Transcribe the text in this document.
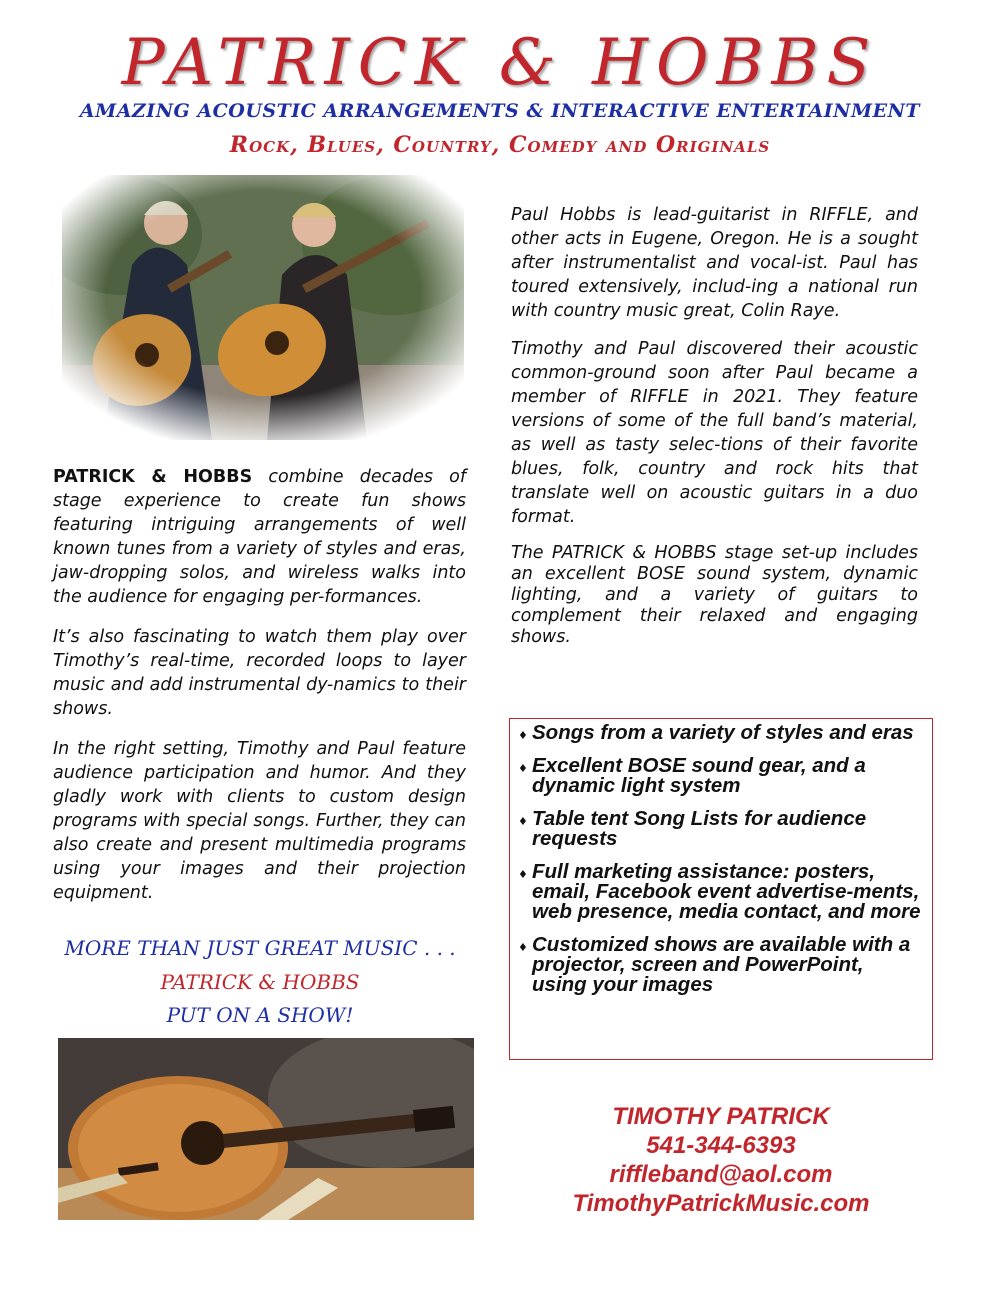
PATRICK & HOBBS
AMAZING ACOUSTIC ARRANGEMENTS & INTERACTIVE ENTERTAINMENT
Rock, Blues, Country, Comedy and Originals

PATRICK & HOBBS combine decades of stage experience to create fun shows featuring intriguing arrangements of well known tunes from a variety of styles and eras, jaw-dropping solos, and wireless walks into the audience for engaging per-formances.

It’s also fascinating to watch them play over Timothy’s real-time, recorded loops to layer music and add instrumental dy-namics to their shows.

In the right setting, Timothy and Paul feature audience participation and humor. And they gladly work with clients to custom design programs with special songs. Further, they can also create and present multimedia programs using your images and their projection equipment.

MORE THAN JUST GREAT MUSIC . . .
PATRICK & HOBBS
PUT ON A SHOW!

Paul Hobbs is lead-guitarist in RIFFLE, and other acts in Eugene, Oregon. He is a sought after instrumentalist and vocal-ist. Paul has toured extensively, includ-ing a national run with country music great, Colin Raye.

Timothy and Paul discovered their acoustic common-ground soon after Paul became a member of RIFFLE in 2021. They feature versions of some of the full band’s material, as well as tasty selec-tions of their favorite blues, folk, country and rock hits that translate well on acoustic guitars in a duo format.

The PATRICK & HOBBS stage set-up includes an excellent BOSE sound system, dynamic lighting, and a variety of guitars to complement their relaxed and engaging shows.

♦ Songs from a variety of styles and eras
♦ Excellent BOSE sound gear, and a dynamic light system
♦ Table tent Song Lists for audience requests
♦ Full marketing assistance: posters, email, Facebook event advertise-ments, web presence, media contact, and more
♦ Customized shows are available with a projector, screen and PowerPoint, using your images
TIMOTHY PATRICK
541-344-6393
riffleband@aol.com
TimothyPatrickMusic.com
